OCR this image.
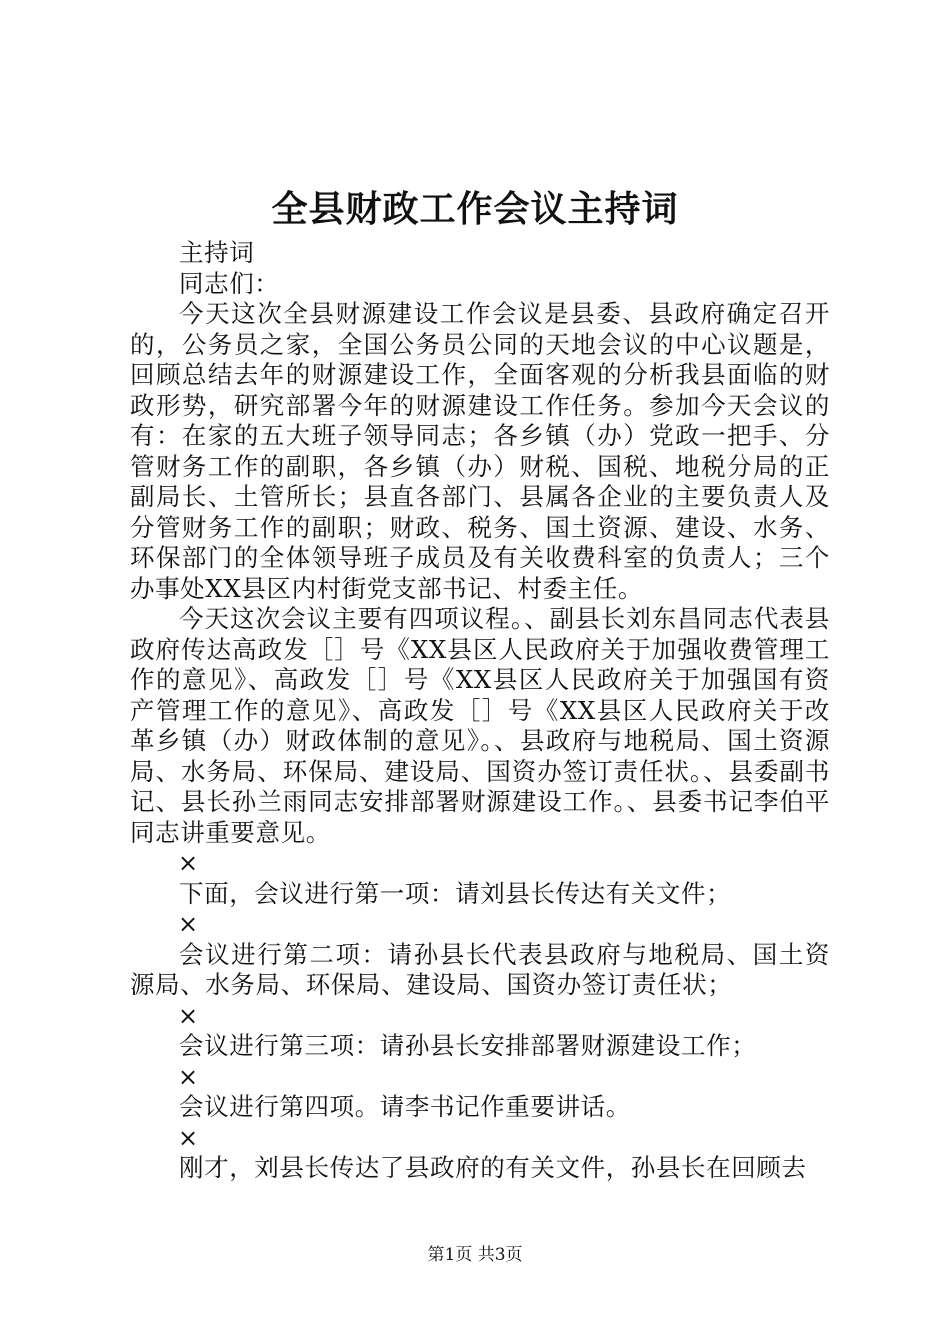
全县财政工作会议主持词

主持词

同志们：

今天这次全县财源建设工作会议是县委、县政府确定召开的，公务员之家，全国公务员公同的天地会议的中心议题是，回顾总结去年的财源建设工作，全面客观的分析我县面临的财政形势，研究部署今年的财源建设工作任务。参加今天会议的有：在家的五大班子领导同志；各乡镇（办）党政一把手、分管财务工作的副职，各乡镇（办）财税、国税、地税分局的正副局长、土管所长；县直各部门、县属各企业的主要负责人及分管财务工作的副职；财政、税务、国土资源、建设、水务、环保部门的全体领导班子成员及有关收费科室的负责人；三个办事处XX县区内村街党支部书记、村委主任。

今天这次会议主要有四项议程。、副县长刘东昌同志代表县政府传达高政发［］号《XX县区人民政府关于加强收费管理工作的意见》、高政发［］号《XX县区人民政府关于加强国有资产管理工作的意见》、高政发［］号《XX县区人民政府关于改革乡镇（办）财政体制的意见》。、县政府与地税局、国土资源局、水务局、环保局、建设局、国资办签订责任状。、县委副书记、县长孙兰雨同志安排部署财源建设工作。、县委书记李伯平同志讲重要意见。

×

下面，会议进行第一项：请刘县长传达有关文件；

×

会议进行第二项：请孙县长代表县政府与地税局、国土资源局、水务局、环保局、建设局、国资办签订责任状；

×

会议进行第三项：请孙县长安排部署财源建设工作；

×

会议进行第四项。请李书记作重要讲话。

×

刚才，刘县长传达了县政府的有关文件，孙县长在回顾去

第1页 共3页
